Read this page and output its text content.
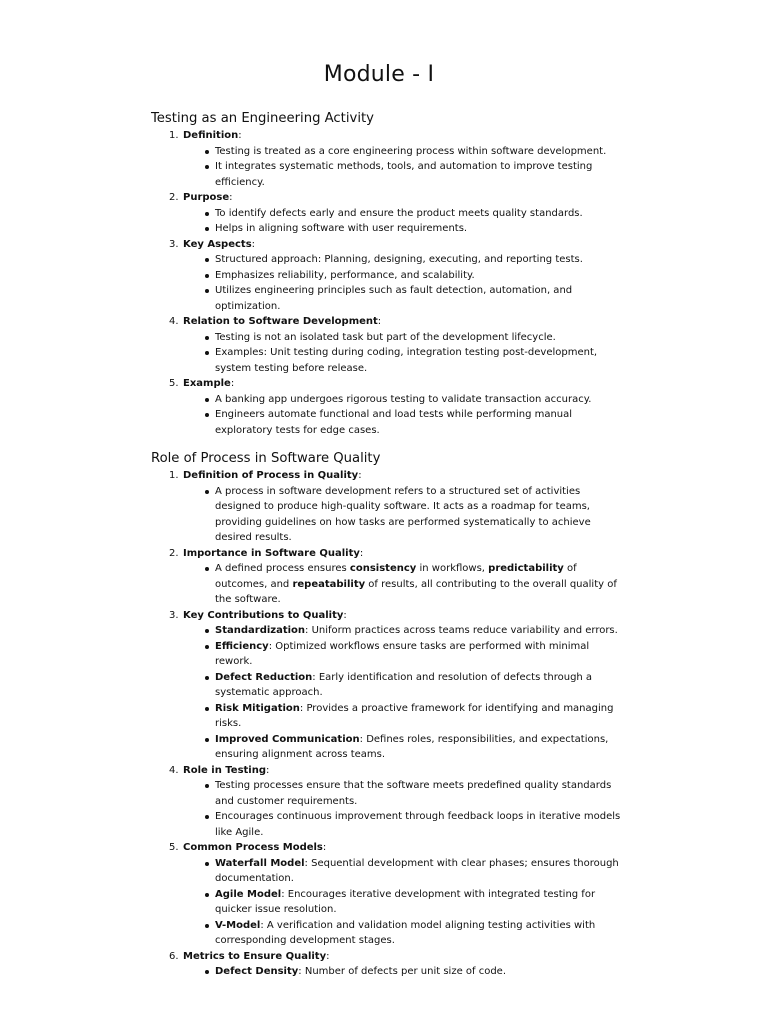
Module - I
Testing as an Engineering Activity
1. Definition:
Testing is treated as a core engineering process within software development.
It integrates systematic methods, tools, and automation to improve testing efficiency.
2. Purpose:
To identify defects early and ensure the product meets quality standards.
Helps in aligning software with user requirements.
3. Key Aspects:
Structured approach: Planning, designing, executing, and reporting tests.
Emphasizes reliability, performance, and scalability.
Utilizes engineering principles such as fault detection, automation, and optimization.
4. Relation to Software Development:
Testing is not an isolated task but part of the development lifecycle.
Examples: Unit testing during coding, integration testing post-development, system testing before release.
5. Example:
A banking app undergoes rigorous testing to validate transaction accuracy.
Engineers automate functional and load tests while performing manual exploratory tests for edge cases.
Role of Process in Software Quality
1. Definition of Process in Quality:
A process in software development refers to a structured set of activities designed to produce high-quality software. It acts as a roadmap for teams, providing guidelines on how tasks are performed systematically to achieve desired results.
2. Importance in Software Quality:
A defined process ensures consistency in workflows, predictability of outcomes, and repeatability of results, all contributing to the overall quality of the software.
3. Key Contributions to Quality:
Standardization: Uniform practices across teams reduce variability and errors.
Efficiency: Optimized workflows ensure tasks are performed with minimal rework.
Defect Reduction: Early identification and resolution of defects through a systematic approach.
Risk Mitigation: Provides a proactive framework for identifying and managing risks.
Improved Communication: Defines roles, responsibilities, and expectations, ensuring alignment across teams.
4. Role in Testing:
Testing processes ensure that the software meets predefined quality standards and customer requirements.
Encourages continuous improvement through feedback loops in iterative models like Agile.
5. Common Process Models:
Waterfall Model: Sequential development with clear phases; ensures thorough documentation.
Agile Model: Encourages iterative development with integrated testing for quicker issue resolution.
V-Model: A verification and validation model aligning testing activities with corresponding development stages.
6. Metrics to Ensure Quality:
Defect Density: Number of defects per unit size of code.
